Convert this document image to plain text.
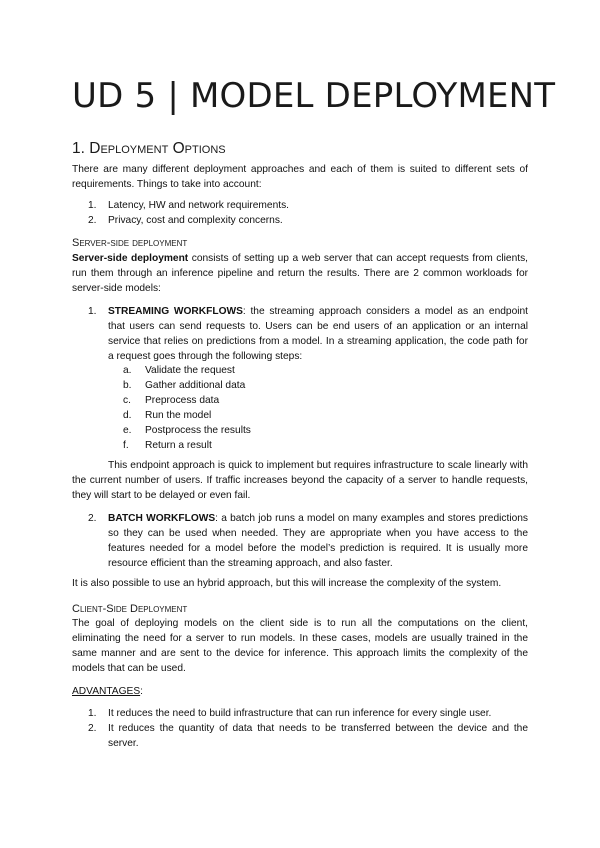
UD 5 | MODEL DEPLOYMENT
1. Deployment Options

There are many different deployment approaches and each of them is suited to different sets of requirements. Things to take into account:

1. Latency, HW and network requirements.
2. Privacy, cost and complexity concerns.
Server-side deployment

Server-side deployment consists of setting up a web server that can accept requests from clients, run them through an inference pipeline and return the results. There are 2 common workloads for server-side models:

1. STREAMING WORKFLOWS: the streaming approach considers a model as an endpoint that users can send requests to. Users can be end users of an application or an internal service that relies on predictions from a model. In a streaming application, the code path for a request goes through the following steps:
a. Validate the request
b. Gather additional data
c. Preprocess data
d. Run the model
e. Postprocess the results
f. Return a result

This endpoint approach is quick to implement but requires infrastructure to scale linearly with the current number of users. If traffic increases beyond the capacity of a server to handle requests, they will start to be delayed or even fail.

2. BATCH WORKFLOWS: a batch job runs a model on many examples and stores predictions so they can be used when needed. They are appropriate when you have access to the features needed for a model before the model’s prediction is required. It is usually more resource efficient than the streaming approach, and also faster.

It is also possible to use an hybrid approach, but this will increase the complexity of the system.

Client-Side Deployment

The goal of deploying models on the client side is to run all the computations on the client, eliminating the need for a server to run models. In these cases, models are usually trained in the same manner and are sent to the device for inference. This approach limits the complexity of the models that can be used.

ADVANTAGES:

1. It reduces the need to build infrastructure that can run inference for every single user.
2. It reduces the quantity of data that needs to be transferred between the device and the server.
